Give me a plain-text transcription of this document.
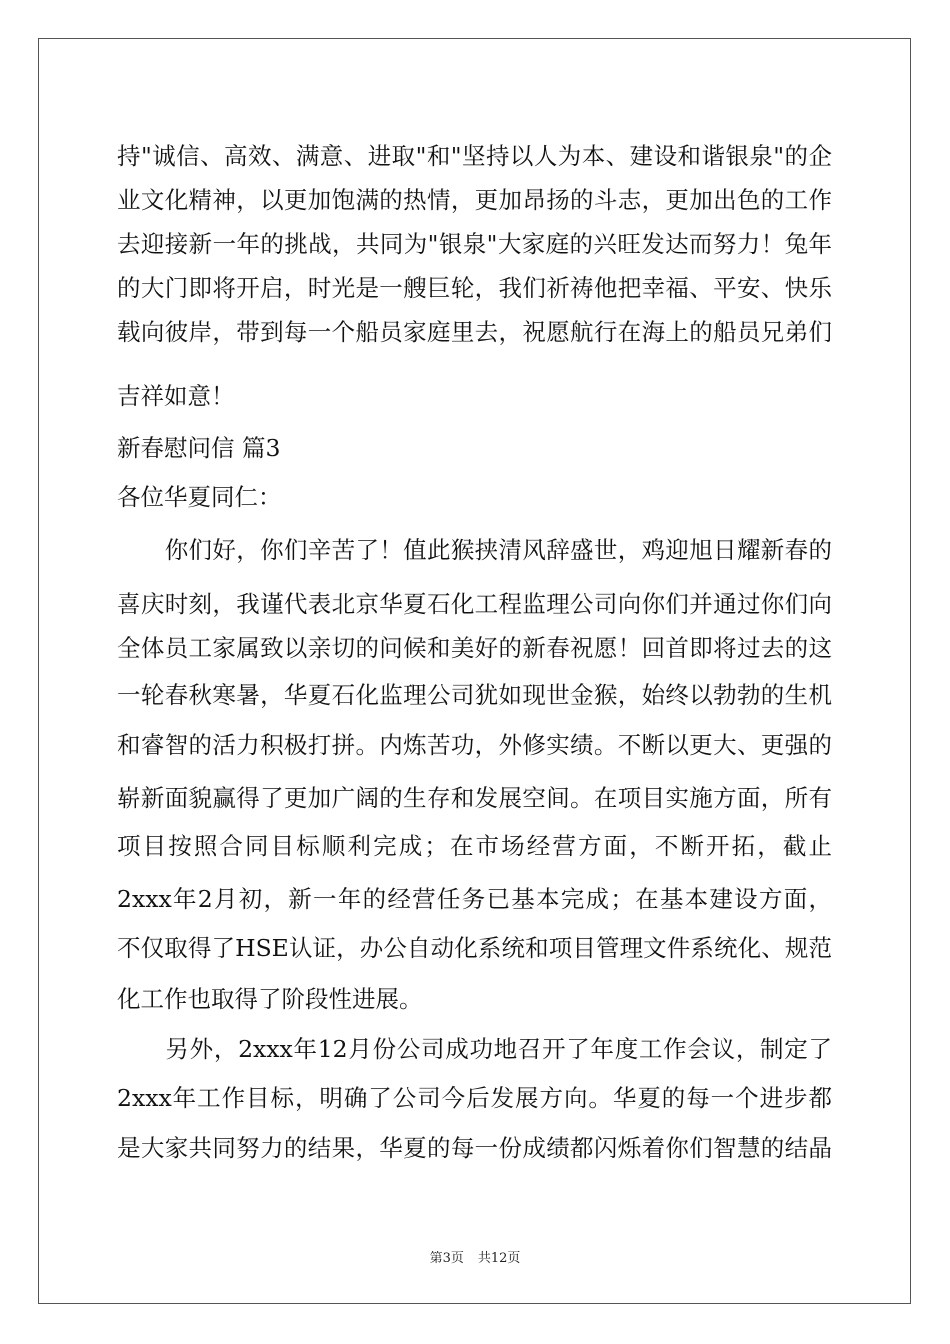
持"诚信、高效、满意、进取"和"坚持以人为本、建设和谐银泉"的企
业文化精神，以更加饱满的热情，更加昂扬的斗志，更加出色的工作
去迎接新一年的挑战，共同为"银泉"大家庭的兴旺发达而努力！兔年
的大门即将开启，时光是一艘巨轮，我们祈祷他把幸福、平安、快乐
载向彼岸，带到每一个船员家庭里去，祝愿航行在海上的船员兄弟们
吉祥如意！
新春慰问信 篇3
各位华夏同仁：
　　你们好，你们辛苦了！值此猴挟清风辞盛世，鸡迎旭日耀新春的
喜庆时刻，我谨代表北京华夏石化工程监理公司向你们并通过你们向
全体员工家属致以亲切的问候和美好的新春祝愿！回首即将过去的这
一轮春秋寒暑，华夏石化监理公司犹如现世金猴，始终以勃勃的生机
和睿智的活力积极打拼。内炼苦功，外修实绩。不断以更大、更强的
崭新面貌赢得了更加广阔的生存和发展空间。在项目实施方面，所有
项目按照合同目标顺利完成；在市场经营方面，不断开拓，截止
2xxx年2月初，新一年的经营任务已基本完成；在基本建设方面，
不仅取得了HSE认证，办公自动化系统和项目管理文件系统化、规范
化工作也取得了阶段性进展。
　　另外，2xxx年12月份公司成功地召开了年度工作会议，制定了
2xxx年工作目标，明确了公司今后发展方向。华夏的每一个进步都
是大家共同努力的结果，华夏的每一份成绩都闪烁着你们智慧的结晶
第3页 共12页
